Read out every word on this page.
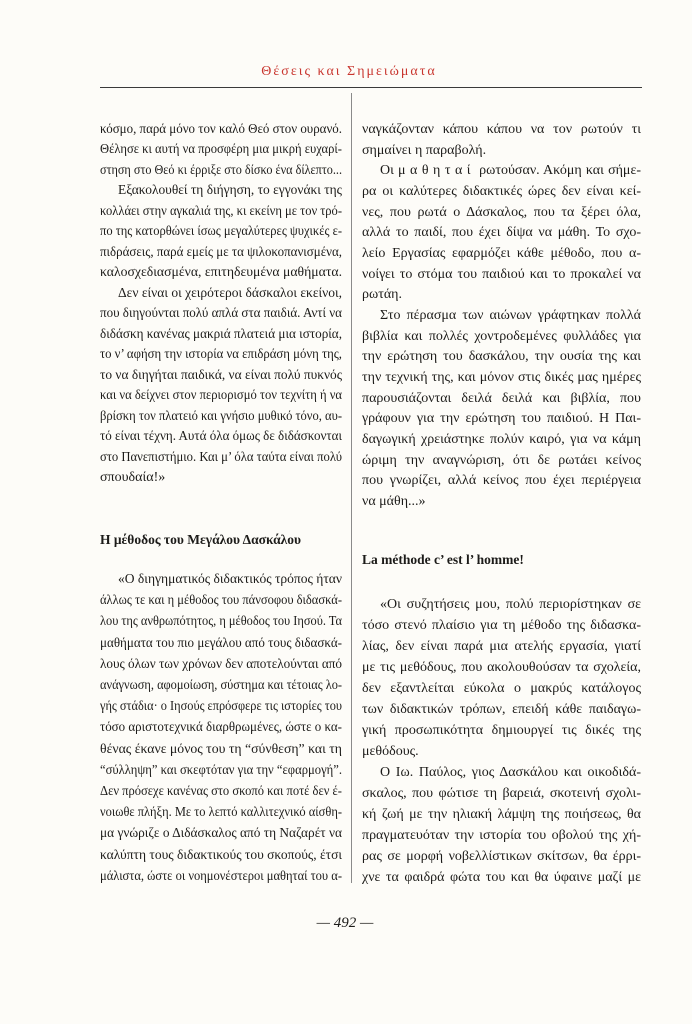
Θέσεις και Σημειώματα
κόσμο, παρά μόνο τον καλό Θεό στον ουρανό.
Θέλησε κι αυτή να προσφέρη μια μικρή ευχαρί-
στηση στο Θεό κι έρριξε στο δίσκο ένα δίλεπτο...
Εξακολουθεί τη διήγηση, το εγγονάκι της
κολλάει στην αγκαλιά της, κι εκείνη με τον τρό-
πο της κατορθώνει ίσως μεγαλύτερες ψυχικές ε-
πιδράσεις, παρά εμείς με τα ψιλοκοπανισμένα,
καλοσχεδιασμένα, επιτηδευμένα μαθήματα.
Δεν είναι οι χειρότεροι δάσκαλοι εκείνοι,
που διηγούνται πολύ απλά στα παιδιά. Αντί να
διδάσκη κανένας μακριά πλατειά μια ιστορία,
το ν’ αφήση την ιστορία να επιδράση μόνη της,
το να διηγήται παιδικά, να είναι πολύ πυκνός
και να δείχνει στον περιορισμό τον τεχνίτη ή να
βρίσκη τον πλατειό και γνήσιο μυθικό τόνο, αυ-
τό είναι τέχνη. Αυτά όλα όμως δε διδάσκονται
στο Πανεπιστήμιο. Και μ’ όλα ταύτα είναι πολύ
σπουδαία!»
Η μέθοδος του Μεγάλου Δασκάλου
«Ο διηγηματικός διδακτικός τρόπος ήταν
άλλως τε και η μέθοδος του πάνσοφου διδασκά-
λου της ανθρωπότητος, η μέθοδος του Ιησού. Τα
μαθήματα του πιο μεγάλου από τους διδασκά-
λους όλων των χρόνων δεν αποτελούνται από
ανάγνωση, αφομοίωση, σύστημα και τέτοιας λο-
γής στάδια· ο Ιησούς επρόσφερε τις ιστορίες του
τόσο αριστοτεχνικά διαρθρωμένες, ώστε ο κα-
θένας έκανε μόνος του τη “σύνθεση” και τη
“σύλληψη” και σκεφτόταν για την “εφαρμογή”.
Δεν πρόσεχε κανένας στο σκοπό και ποτέ δεν έ-
νοιωθε πλήξη. Με το λεπτό καλλιτεχνικό αίσθη-
μα γνώριζε ο Διδάσκαλος από τη Ναζαρέτ να
καλύπτη τους διδακτικούς του σκοπούς, έτσι
μάλιστα, ώστε οι νοημονέστεροι μαθηταί του α-
ναγκάζονταν κάπου κάπου να τον ρωτούν τι
σημαίνει η παραβολή.
Οι μαθηταί ρωτούσαν. Ακόμη και σήμε-
ρα οι καλύτερες διδακτικές ώρες δεν είναι κεί-
νες, που ρωτά ο Δάσκαλος, που τα ξέρει όλα,
αλλά το παιδί, που έχει δίψα να μάθη. Το σχο-
λείο Εργασίας εφαρμόζει κάθε μέθοδο, που α-
νοίγει το στόμα του παιδιού και το προκαλεί να
ρωτάη.
Στο πέρασμα των αιώνων γράφτηκαν πολλά
βιβλία και πολλές χοντροδεμένες φυλλάδες για
την ερώτηση του δασκάλου, την ουσία της και
την τεχνική της, και μόνον στις δικές μας ημέρες
παρουσιάζονται δειλά δειλά και βιβλία, που
γράφουν για την ερώτηση του παιδιού. Η Παι-
δαγωγική χρειάστηκε πολύν καιρό, για να κάμη
ώριμη την αναγνώριση, ότι δε ρωτάει κείνος
που γνωρίζει, αλλά κείνος που έχει περιέργεια
να μάθη...»
La méthode c’ est l’ homme!
«Οι συζητήσεις μου, πολύ περιορίστηκαν σε
τόσο στενό πλαίσιο για τη μέθοδο της διδασκα-
λίας, δεν είναι παρά μια ατελής εργασία, γιατί
με τις μεθόδους, που ακολουθούσαν τα σχολεία,
δεν εξαντλείται εύκολα ο μακρύς κατάλογος
των διδακτικών τρόπων, επειδή κάθε παιδαγω-
γική προσωπικότητα δημιουργεί τις δικές της
μεθόδους.
Ο Ιω. Παύλος, γιος Δασκάλου και οικοδιδά-
σκαλος, που φώτισε τη βαρειά, σκοτεινή σχολι-
κή ζωή με την ηλιακή λάμψη της ποιήσεως, θα
πραγματευόταν την ιστορία του οβολού της χή-
ρας σε μορφή νοβελλίστικων σκίτσων, θα έρρι-
χνε τα φαιδρά φώτα του και θα ύφαινε μαζί με
— 492 —
